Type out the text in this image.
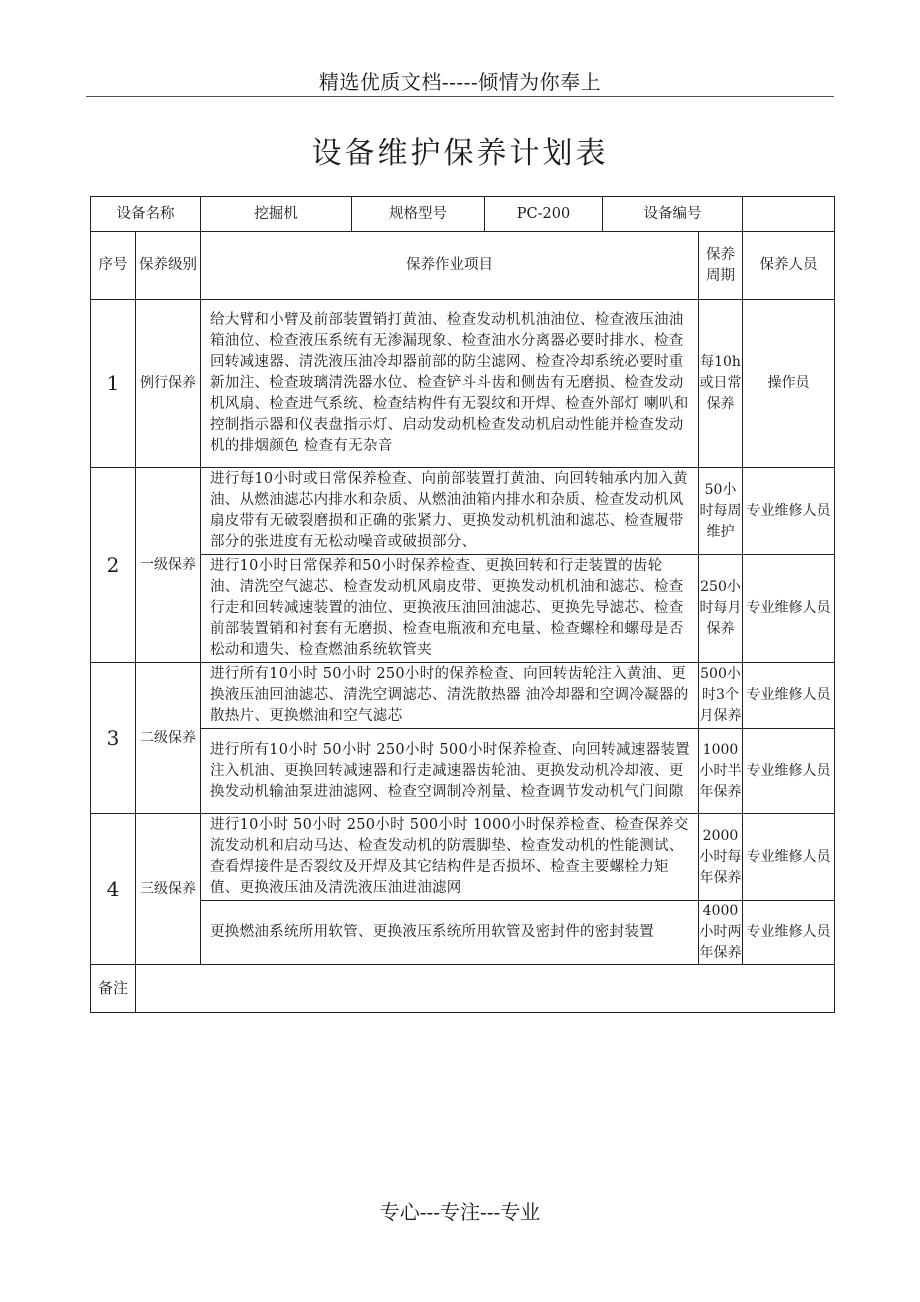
精选优质文档-----倾情为你奉上
设备维护保养计划表
设备名称		挖掘机	规格型号	PC-200	设备编号		
序号	保养级别	保养作业项目				保养周期	保养人员
1	例行保养	给大臂和小臂及前部装置销打黄油、检查发动机机油油位、检查液压油油箱油位、检查液压系统有无渗漏现象、检查油水分离器必要时排水、检查回转减速器、清洗液压油冷却器前部的防尘滤网、检查冷却系统必要时重新加注、检查玻璃清洗器水位、检查铲斗斗齿和侧齿有无磨损、检查发动机风扇、检查进气系统、检查结构件有无裂纹和开焊、检查外部灯 喇叭和控制指示器和仪表盘指示灯、启动发动机检查发动机启动性能并检查发动机的排烟颜色 检查有无杂音				每10h或日常保养	操作员
2	一级保养	进行每10小时或日常保养检查、向前部装置打黄油、向回转轴承内加入黄油、从燃油滤芯内排水和杂质、从燃油油箱内排水和杂质、检查发动机风扇皮带有无破裂磨损和正确的张紧力、更换发动机机油和滤芯、检查履带部分的张进度有无松动噪音或破损部分、				50小时每周维护	专业维修人员
		进行10小时日常保养和50小时保养检查、更换回转和行走装置的齿轮油、清洗空气滤芯、检查发动机风扇皮带、更换发动机机油和滤芯、检查行走和回转减速装置的油位、更换液压油回油滤芯、更换先导滤芯、检查前部装置销和衬套有无磨损、检查电瓶液和充电量、检查螺栓和螺母是否松动和遗失、检查燃油系统软管夹				250小时每月保养	专业维修人员
3	二级保养	进行所有10小时 50小时 250小时的保养检查、向回转齿轮注入黄油、更换液压油回油滤芯、清洗空调滤芯、清洗散热器 油冷却器和空调冷凝器的散热片、更换燃油和空气滤芯				500小时3个月保养	专业维修人员
		进行所有10小时 50小时 250小时 500小时保养检查、向回转减速器装置注入机油、更换回转减速器和行走减速器齿轮油、更换发动机冷却液、更换发动机输油泵进油滤网、检查空调制冷剂量、检查调节发动机气门间隙				1000小时半年保养	专业维修人员
4	三级保养	进行10小时 50小时 250小时 500小时 1000小时保养检查、检查保养交流发动机和启动马达、检查发动机的防震脚垫、检查发动机的性能测试、查看焊接件是否裂纹及开焊及其它结构件是否损坏、检查主要螺栓力矩值、更换液压油及清洗液压油进油滤网				2000小时每年保养	专业维修人员
		更换燃油系统所用软管、更换液压系统所用软管及密封件的密封装置				4000小时两年保养	专业维修人员
备注							
专心---专注---专业
